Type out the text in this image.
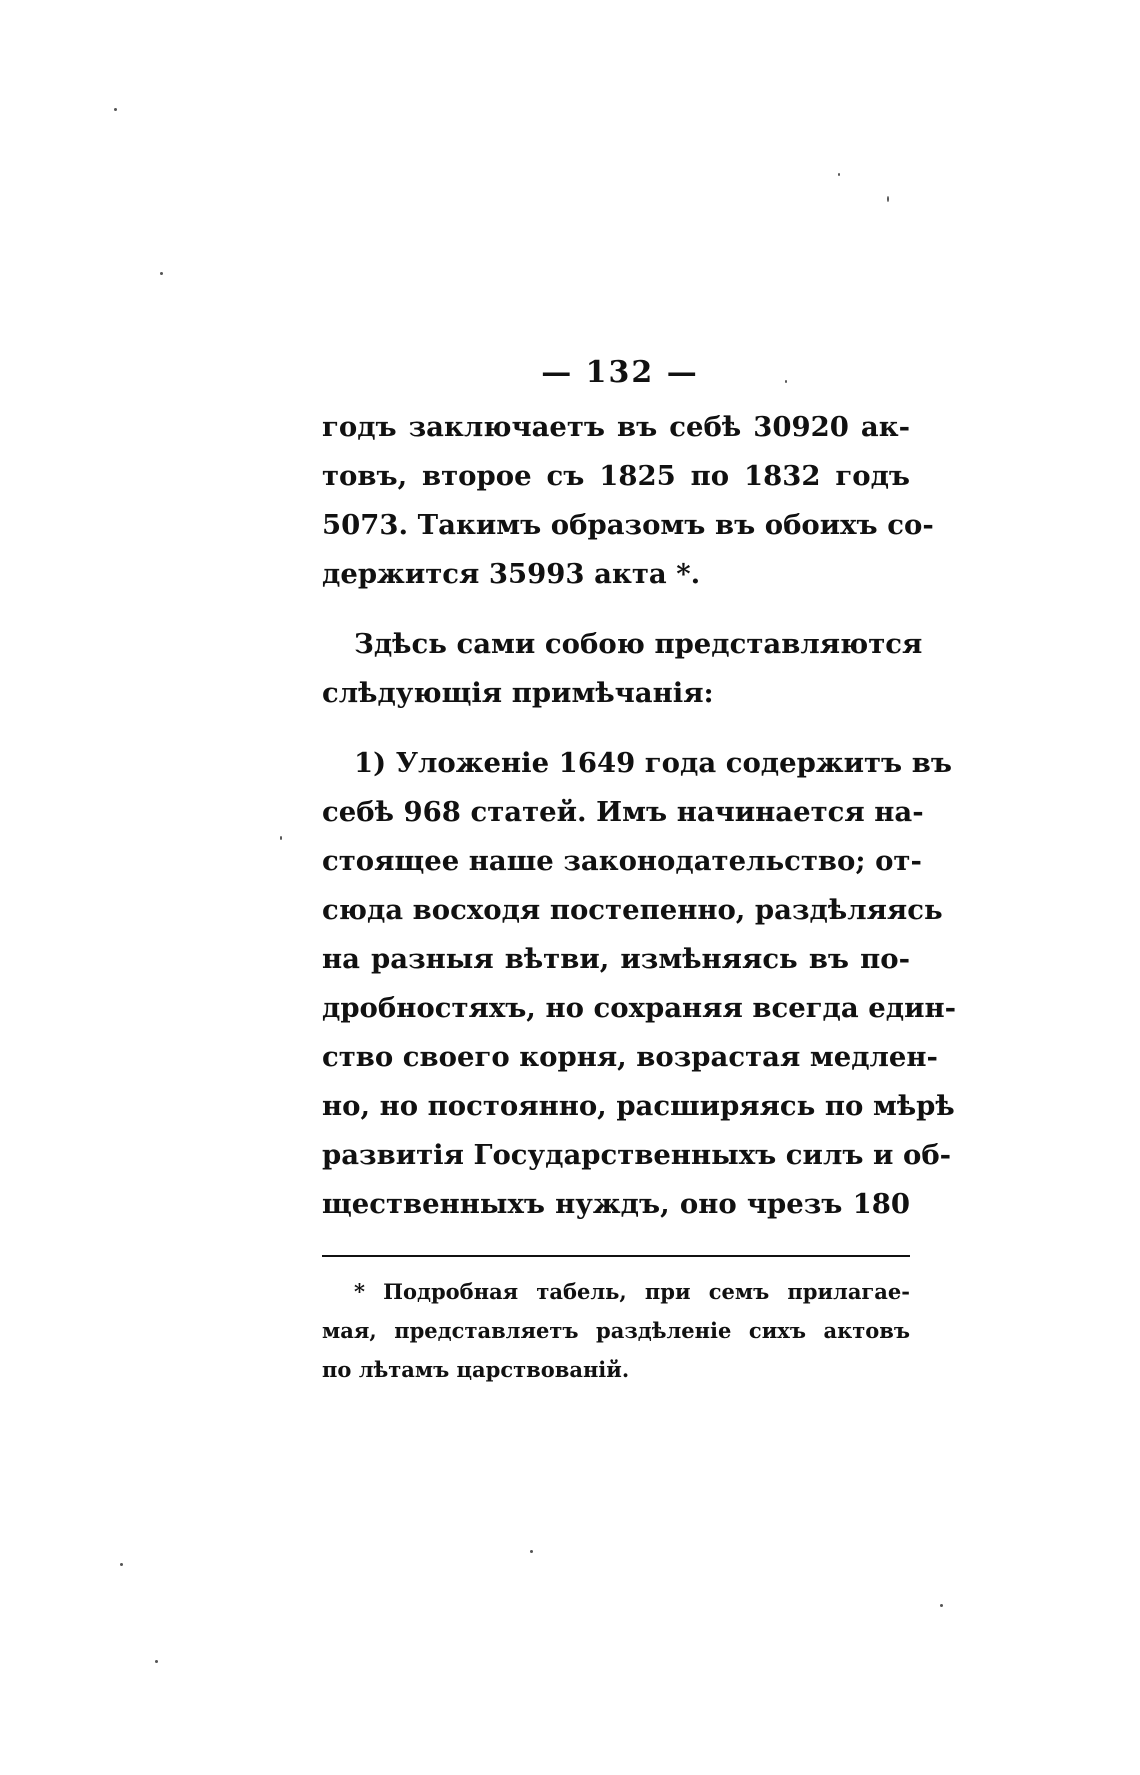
— 132 —
годъ заключаетъ въ себѣ 30920 ак-
товъ, второе съ 1825 по 1832 годъ
5073. Такимъ образомъ въ обоихъ со-
держится 35993 акта *.
Здѣсь сами собою представляются
слѣдующія примѣчанія:
1) Уложеніе 1649 года содержитъ въ
себѣ 968 статей. Имъ начинается на-
стоящее наше законодательство; от-
сюда восходя постепенно, раздѣляясь
на разныя вѣтви, измѣняясь въ по-
дробностяхъ, но сохраняя всегда един-
ство своего корня, возрастая медлен-
но, но постоянно, расширяясь по мѣрѣ
развитія Государственныхъ силъ и об-
щественныхъ нуждъ, оно чрезъ 180
* Подробная табель, при семъ прилагае-
мая, представляетъ раздѣленіе сихъ актовъ
по лѣтамъ царствованій.
